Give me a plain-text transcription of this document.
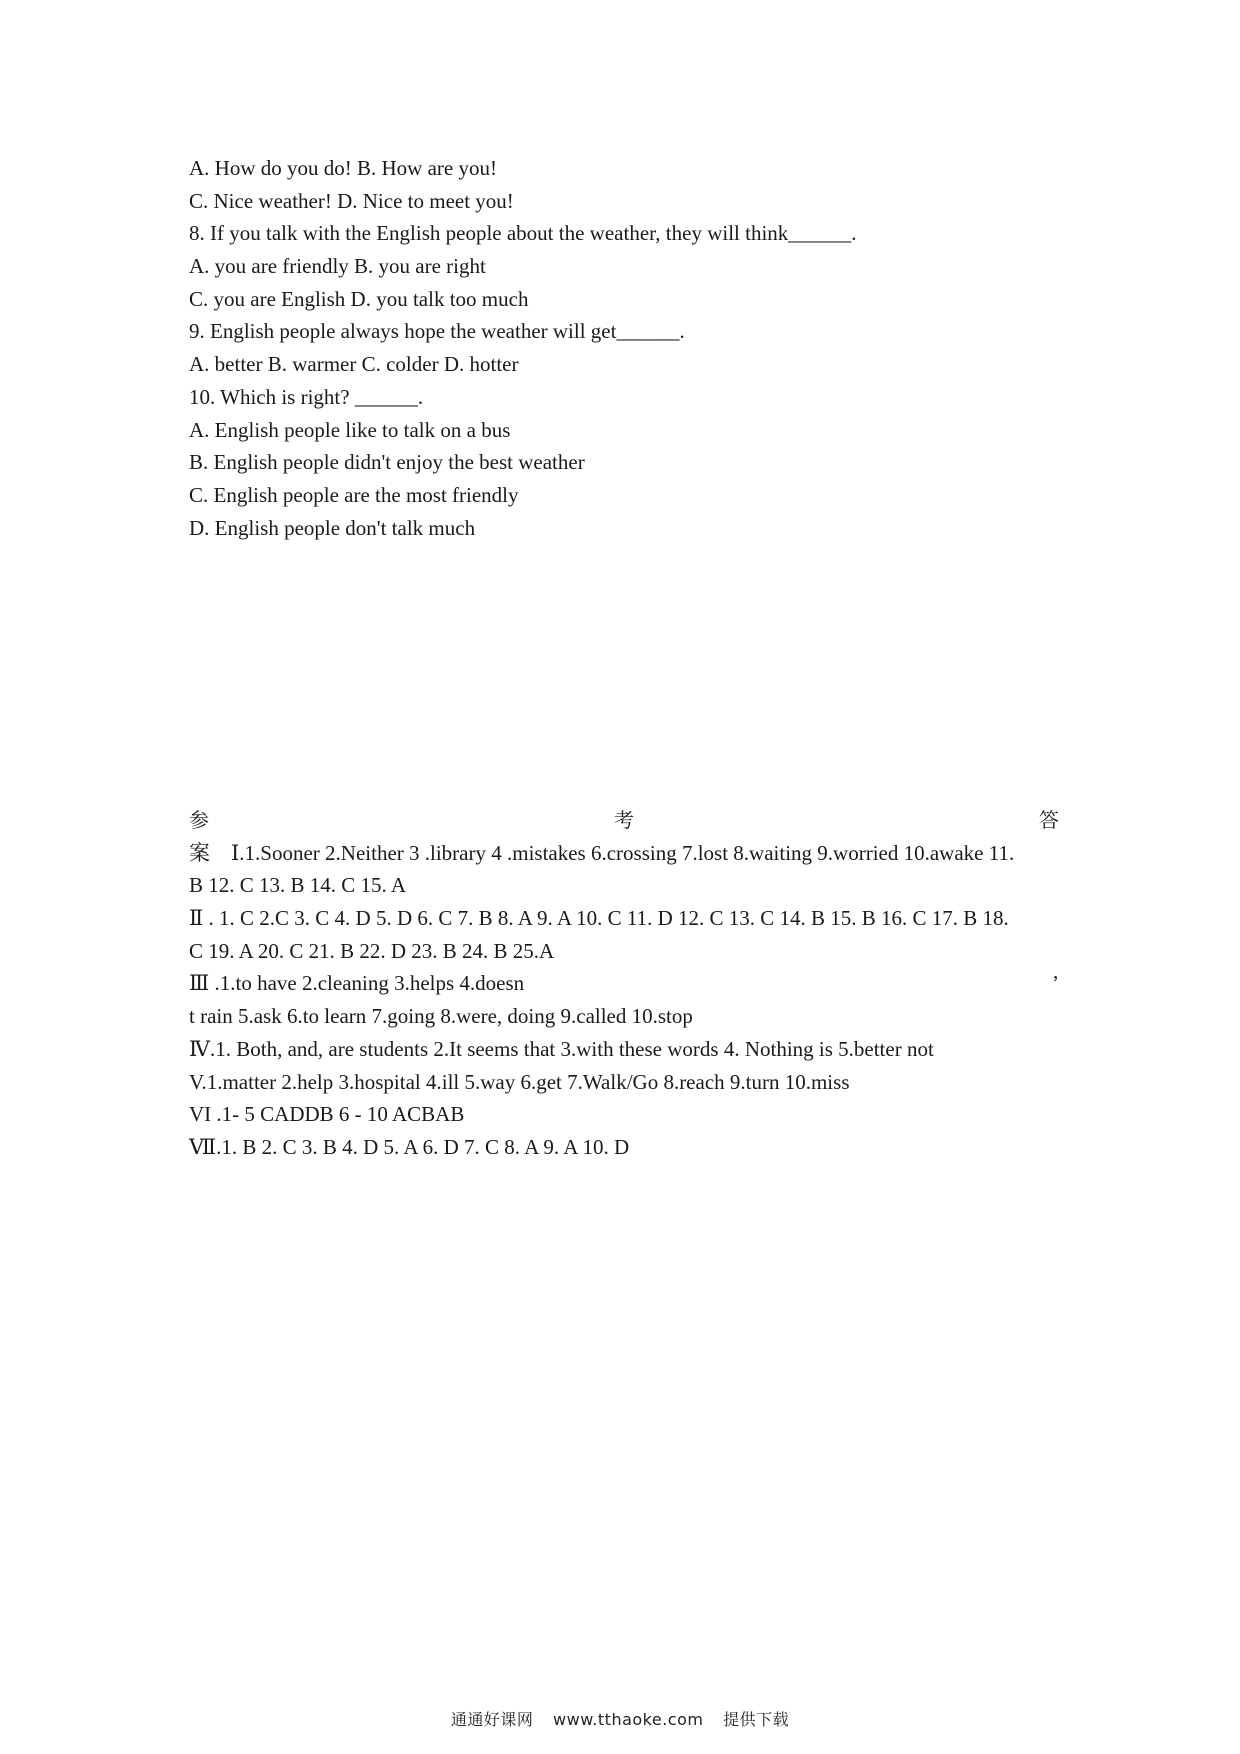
A. How do you do! B. How are you!
C. Nice weather! D. Nice to meet you!
8. If you talk with the English people about the weather, they will think______.
A. you are friendly B. you are right
C. you are English D. you talk too much
9. English people always hope the weather will get______.
A. better B. warmer C. colder D. hotter
10. Which is right? ______.
A. English people like to talk on a bus
B. English people didn't enjoy the best weather
C. English people are the most friendly
D. English people don't talk much
参	考	答
案　Ⅰ.1.Sooner 2.Neither 3 .library 4 .mistakes 6.crossing 7.lost 8.waiting 9.worried 10.awake 11.
B 12. C 13. B 14. C 15. A
Ⅱ . 1. C 2.C 3. C 4. D 5. D 6. C 7. B 8. A 9. A 10. C 11. D 12. C 13. C 14. B 15. B 16. C 17. B 18.
C 19. A 20. C 21. B 22. D 23. B 24. B 25.A
Ⅲ .1.to have 2.cleaning 3.helps 4.doesn	’
t rain 5.ask 6.to learn 7.going 8.were, doing 9.called 10.stop
Ⅳ.1. Both, and, are students 2.It seems that 3.with these words 4. Nothing is 5.better not
V.1.matter 2.help 3.hospital 4.ill 5.way 6.get 7.Walk/Go 8.reach 9.turn 10.miss
VI .1- 5 CADDB 6 - 10 ACBAB
Ⅶ.1. B 2. C 3. B 4. D 5. A 6. D 7. C 8. A 9. A 10. D
通通好课网 www.tthaoke.com 提供下载
